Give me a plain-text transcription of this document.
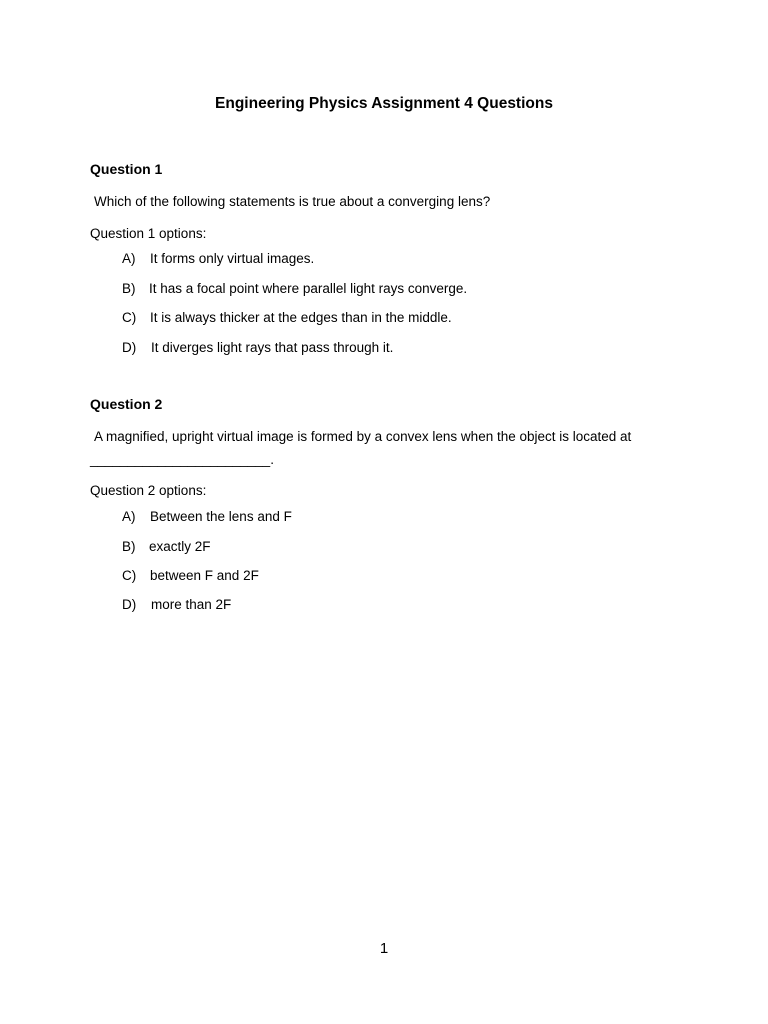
Engineering Physics Assignment 4 Questions
Question 1
Which of the following statements is true about a converging lens?
Question 1 options:
A) It forms only virtual images.
B) It has a focal point where parallel light rays converge.
C) It is always thicker at the edges than in the middle.
D) It diverges light rays that pass through it.
Question 2
A magnified, upright virtual image is formed by a convex lens when the object is located at
________________________.
Question 2 options:
A) Between the lens and F
B) exactly 2F
C) between F and 2F
D) more than 2F
1
